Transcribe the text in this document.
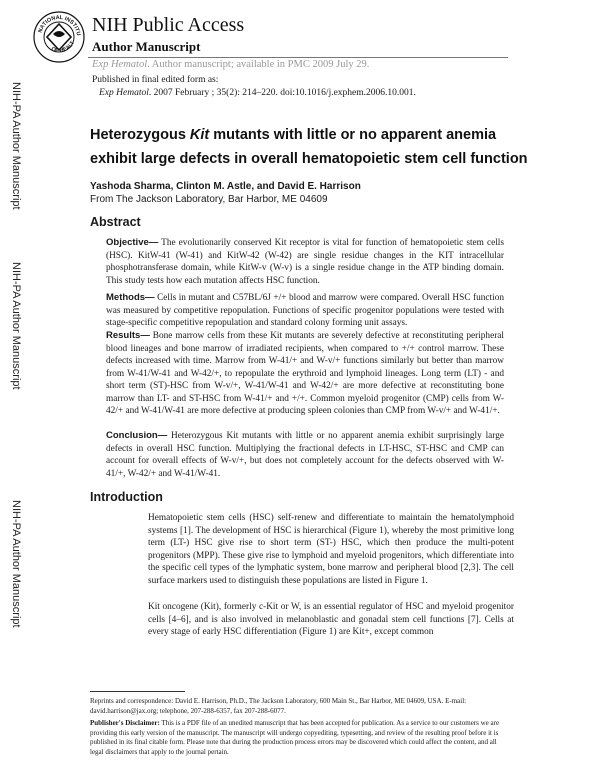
NIH-PA Author Manuscript
NIH-PA Author Manuscript
NIH-PA Author Manuscript
NATIONAL INSTITU
OF HEALT
NIH Public Access
Author Manuscript
Exp Hematol. Author manuscript; available in PMC 2009 July 29.
Published in final edited form as:
Exp Hematol. 2007 February ; 35(2): 214–220. doi:10.1016/j.exphem.2006.10.001.
Heterozygous Kit mutants with little or no apparent anemia exhibit large defects in overall hematopoietic stem cell function
Yashoda Sharma, Clinton M. Astle, and David E. Harrison
From The Jackson Laboratory, Bar Harbor, ME 04609
Abstract
Objective— The evolutionarily conserved Kit receptor is vital for function of hematopoietic stem cells (HSC). KitW-41 (W-41) and KitW-42 (W-42) are single residue changes in the KIT intracellular phosphotransferase domain, while KitW-v (W-v) is a single residue change in the ATP binding domain. This study tests how each mutation affects HSC function.
Methods— Cells in mutant and C57BL/6J +/+ blood and marrow were compared. Overall HSC function was measured by competitive repopulation. Functions of specific progenitor populations were tested with stage-specific competitive repopulation and standard colony forming unit assays.
Results— Bone marrow cells from these Kit mutants are severely defective at reconstituting peripheral blood lineages and bone marrow of irradiated recipients, when compared to +/+ control marrow. These defects increased with time. Marrow from W-41/+ and W-v/+ functions similarly but better than marrow from W-41/W-41 and W-42/+, to repopulate the erythroid and lymphoid lineages. Long term (LT) - and short term (ST)-HSC from W-v/+, W-41/W-41 and W-42/+ are more defective at reconstituting bone marrow than LT- and ST-HSC from W-41/+ and +/+. Common myeloid progenitor (CMP) cells from W-42/+ and W-41/W-41 are more defective at producing spleen colonies than CMP from W-v/+ and W-41/+.
Conclusion— Heterozygous Kit mutants with little or no apparent anemia exhibit surprisingly large defects in overall HSC function. Multiplying the fractional defects in LT-HSC, ST-HSC and CMP can account for overall effects of W-v/+, but does not completely account for the defects observed with W-41/+, W-42/+ and W-41/W-41.
Introduction
Hematopoietic stem cells (HSC) self-renew and differentiate to maintain the hematolymphoid systems [1]. The development of HSC is hierarchical (Figure 1), whereby the most primitive long term (LT-) HSC give rise to short term (ST-) HSC, which then produce the multi-potent progenitors (MPP). These give rise to lymphoid and myeloid progenitors, which differentiate into the specific cell types of the lymphatic system, bone marrow and peripheral blood [2,3]. The cell surface markers used to distinguish these populations are listed in Figure 1.
Kit oncogene (Kit), formerly c-Kit or W, is an essential regulator of HSC and myeloid progenitor cells [4–6], and is also involved in melanoblastic and gonadal stem cell functions [7]. Cells at every stage of early HSC differentiation (Figure 1) are Kit+, except common
Reprints and correspondence: David E. Harrison, Ph.D., The Jackson Laboratory, 600 Main St., Bar Harbor, ME 04609, USA. E-mail: david.harrison@jax.org; telephone, 207-288-6357, fax 207-288-6077.
Publisher's Disclaimer: This is a PDF file of an unedited manuscript that has been accepted for publication. As a service to our customers we are providing this early version of the manuscript. The manuscript will undergo copyediting, typesetting, and review of the resulting proof before it is published in its final citable form. Please note that during the production process errors may be discovered which could affect the content, and all legal disclaimers that apply to the journal pertain.
